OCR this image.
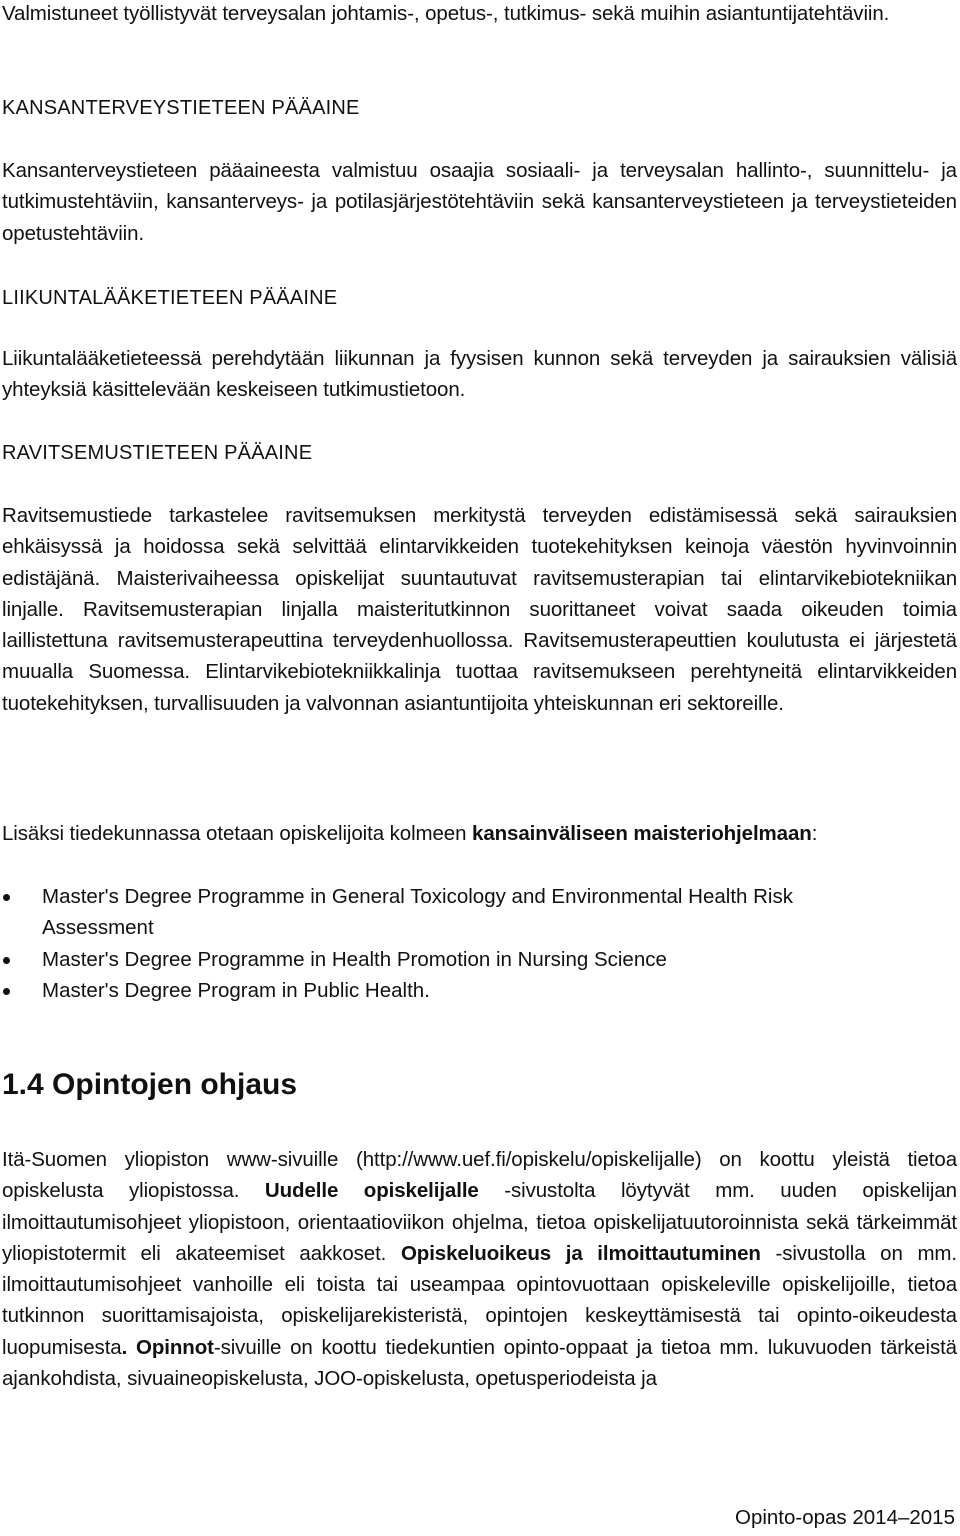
Valmistuneet työllistyvät terveysalan johtamis-, opetus-, tutkimus- sekä muihin asiantuntijatehtäviin.

KANSANTERVEYSTIETEEN PÄÄAINE

Kansanterveystieteen pääaineesta valmistuu osaajia sosiaali- ja terveysalan hallinto-, suunnittelu- ja tutkimustehtäviin, kansanterveys- ja potilasjärjestötehtäviin sekä kansanterveystieteen ja terveystieteiden opetustehtäviin.

LIIKUNTALÄÄKETIETEEN PÄÄAINE

Liikuntalääketieteessä perehdytään liikunnan ja fyysisen kunnon sekä terveyden ja sairauksien välisiä yhteyksiä käsittelevään keskeiseen tutkimustietoon.

RAVITSEMUSTIETEEN PÄÄAINE

Ravitsemustiede tarkastelee ravitsemuksen merkitystä terveyden edistämisessä sekä sairauksien ehkäisyssä ja hoidossa sekä selvittää elintarvikkeiden tuotekehityksen keinoja väestön hyvinvoinnin edistäjänä. Maisterivaiheessa opiskelijat suuntautuvat ravitsemusterapian tai elintarvikebiotekniikan linjalle. Ravitsemusterapian linjalla maisteritutkinnon suorittaneet voivat saada oikeuden toimia laillistettuna ravitsemusterapeuttina terveydenhuollossa. Ravitsemusterapeuttien koulutusta ei järjestetä muualla Suomessa. Elintarvikebiotekniikkalinja tuottaa ravitsemukseen perehtyneitä elintarvikkeiden tuotekehityksen, turvallisuuden ja valvonnan asiantuntijoita yhteiskunnan eri sektoreille.

Lisäksi tiedekunnassa otetaan opiskelijoita kolmeen kansainväliseen maisteriohjelmaan:

Master's Degree Programme in General Toxicology and Environmental Health Risk Assessment
Master's Degree Programme in Health Promotion in Nursing Science
Master's Degree Program in Public Health.
1.4 Opintojen ohjaus

Itä-Suomen yliopiston www-sivuille (http://www.uef.fi/opiskelu/opiskelijalle) on koottu yleistä tietoa opiskelusta yliopistossa. Uudelle opiskelijalle -sivustolta löytyvät mm. uuden opiskelijan ilmoittautumisohjeet yliopistoon, orientaatioviikon ohjelma, tietoa opiskelijatuutoroinnista sekä tärkeimmät yliopistotermit eli akateemiset aakkoset. Opiskeluoikeus ja ilmoittautuminen -sivustolla on mm. ilmoittautumisohjeet vanhoille eli toista tai useampaa opintovuottaan opiskeleville opiskelijoille, tietoa tutkinnon suorittamisajoista, opiskelijarekisteristä, opintojen keskeyttämisestä tai opinto-oikeudesta luopumisesta. Opinnot-sivuille on koottu tiedekuntien opinto-oppaat ja tietoa mm. lukuvuoden tärkeistä ajankohdista, sivuaineopiskelusta, JOO-opiskelusta, opetusperiodeista ja

Opinto-opas 2014–2015
